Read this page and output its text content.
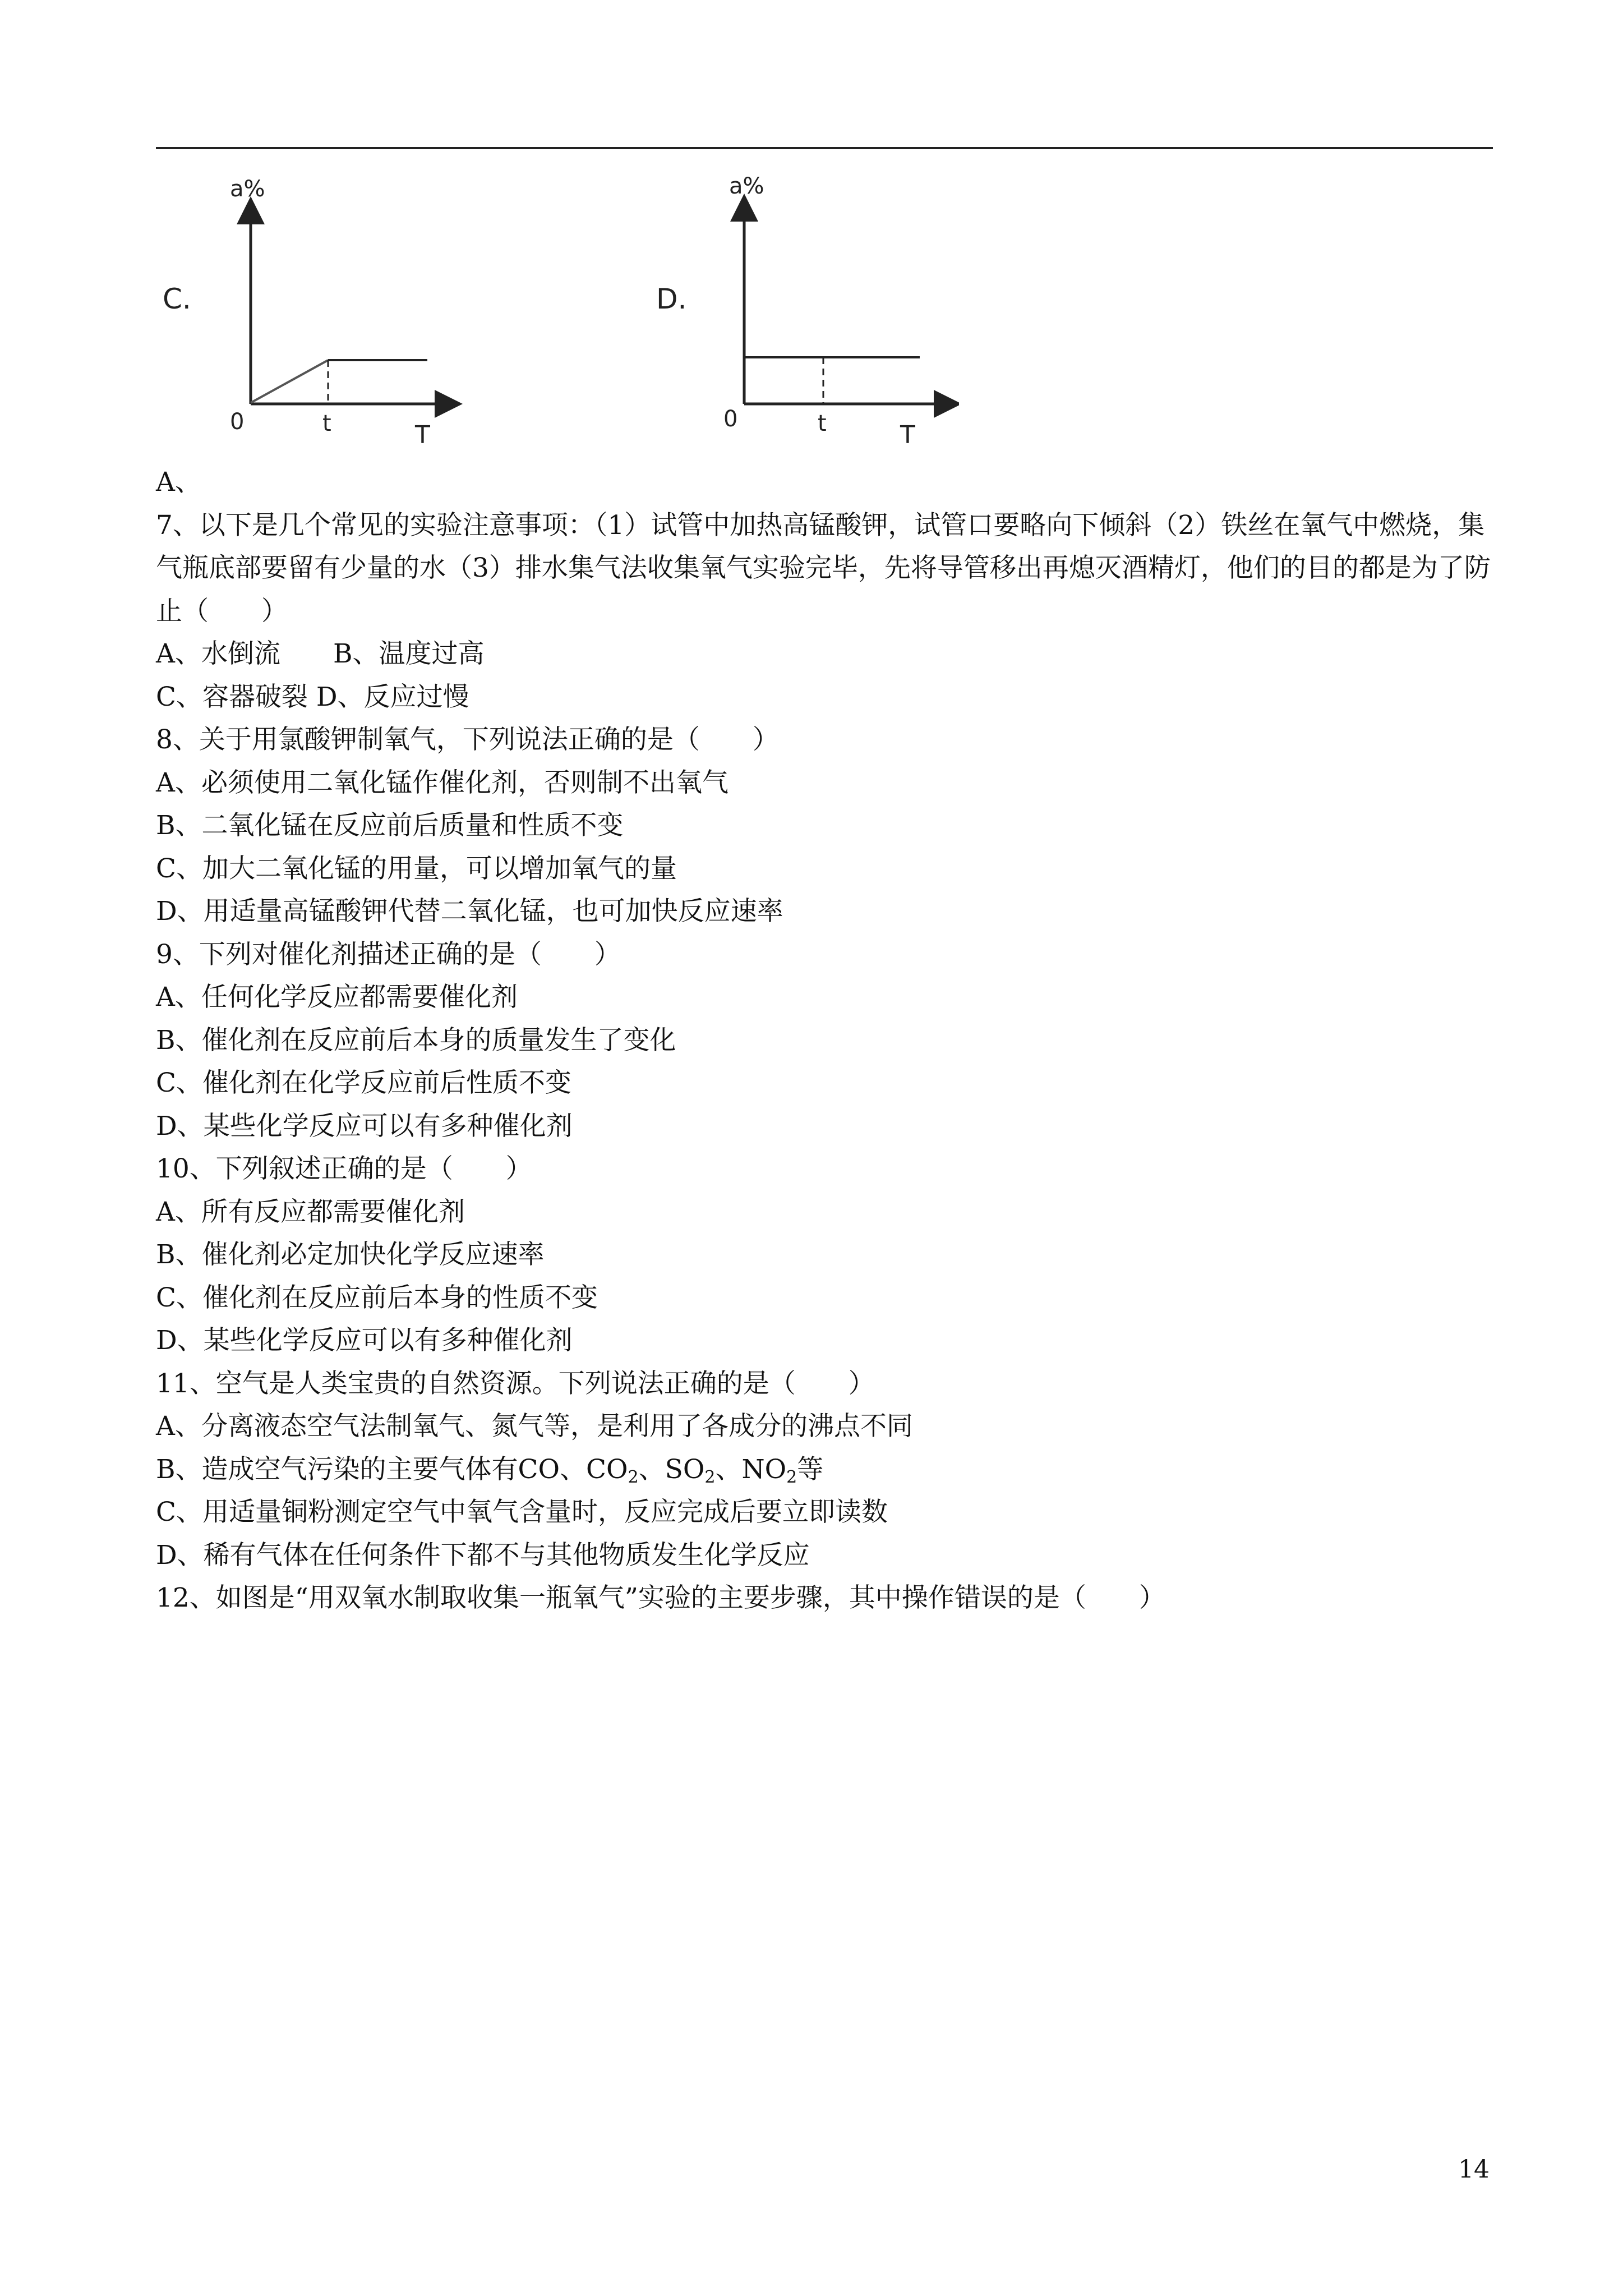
C.
a%
0	t	T
D.
a%
0	t	T
A、
7、以下是几个常见的实验注意事项：（1）试管中加热高锰酸钾，试管口要略向下倾斜（2）铁丝在氧气中燃烧，集气瓶底部要留有少量的水（3）排水集气法收集氧气实验完毕，先将导管移出再熄灭酒精灯，他们的目的都是为了防止（　　）
A、水倒流　　B、温度过高
C、容器破裂 D、反应过慢
8、关于用氯酸钾制氧气，下列说法正确的是（　　）
A、必须使用二氧化锰作催化剂，否则制不出氧气
B、二氧化锰在反应前后质量和性质不变
C、加大二氧化锰的用量，可以增加氧气的量
D、用适量高锰酸钾代替二氧化锰，也可加快反应速率
9、下列对催化剂描述正确的是（　　）
A、任何化学反应都需要催化剂
B、催化剂在反应前后本身的质量发生了变化
C、催化剂在化学反应前后性质不变
D、某些化学反应可以有多种催化剂
10、下列叙述正确的是（　　）
A、所有反应都需要催化剂
B、催化剂必定加快化学反应速率
C、催化剂在反应前后本身的性质不变
D、某些化学反应可以有多种催化剂
11、空气是人类宝贵的自然资源。下列说法正确的是（　　）
A、分离液态空气法制氧气、氮气等，是利用了各成分的沸点不同
B、造成空气污染的主要气体有CO、$CO_2$、$SO_2$、$NO_2$等
C、用适量铜粉测定空气中氧气含量时，反应完成后要立即读数
D、稀有气体在任何条件下都不与其他物质发生化学反应
12、如图是“用双氧水制取收集一瓶氧气”实验的主要步骤，其中操作错误的是（　　）
14
